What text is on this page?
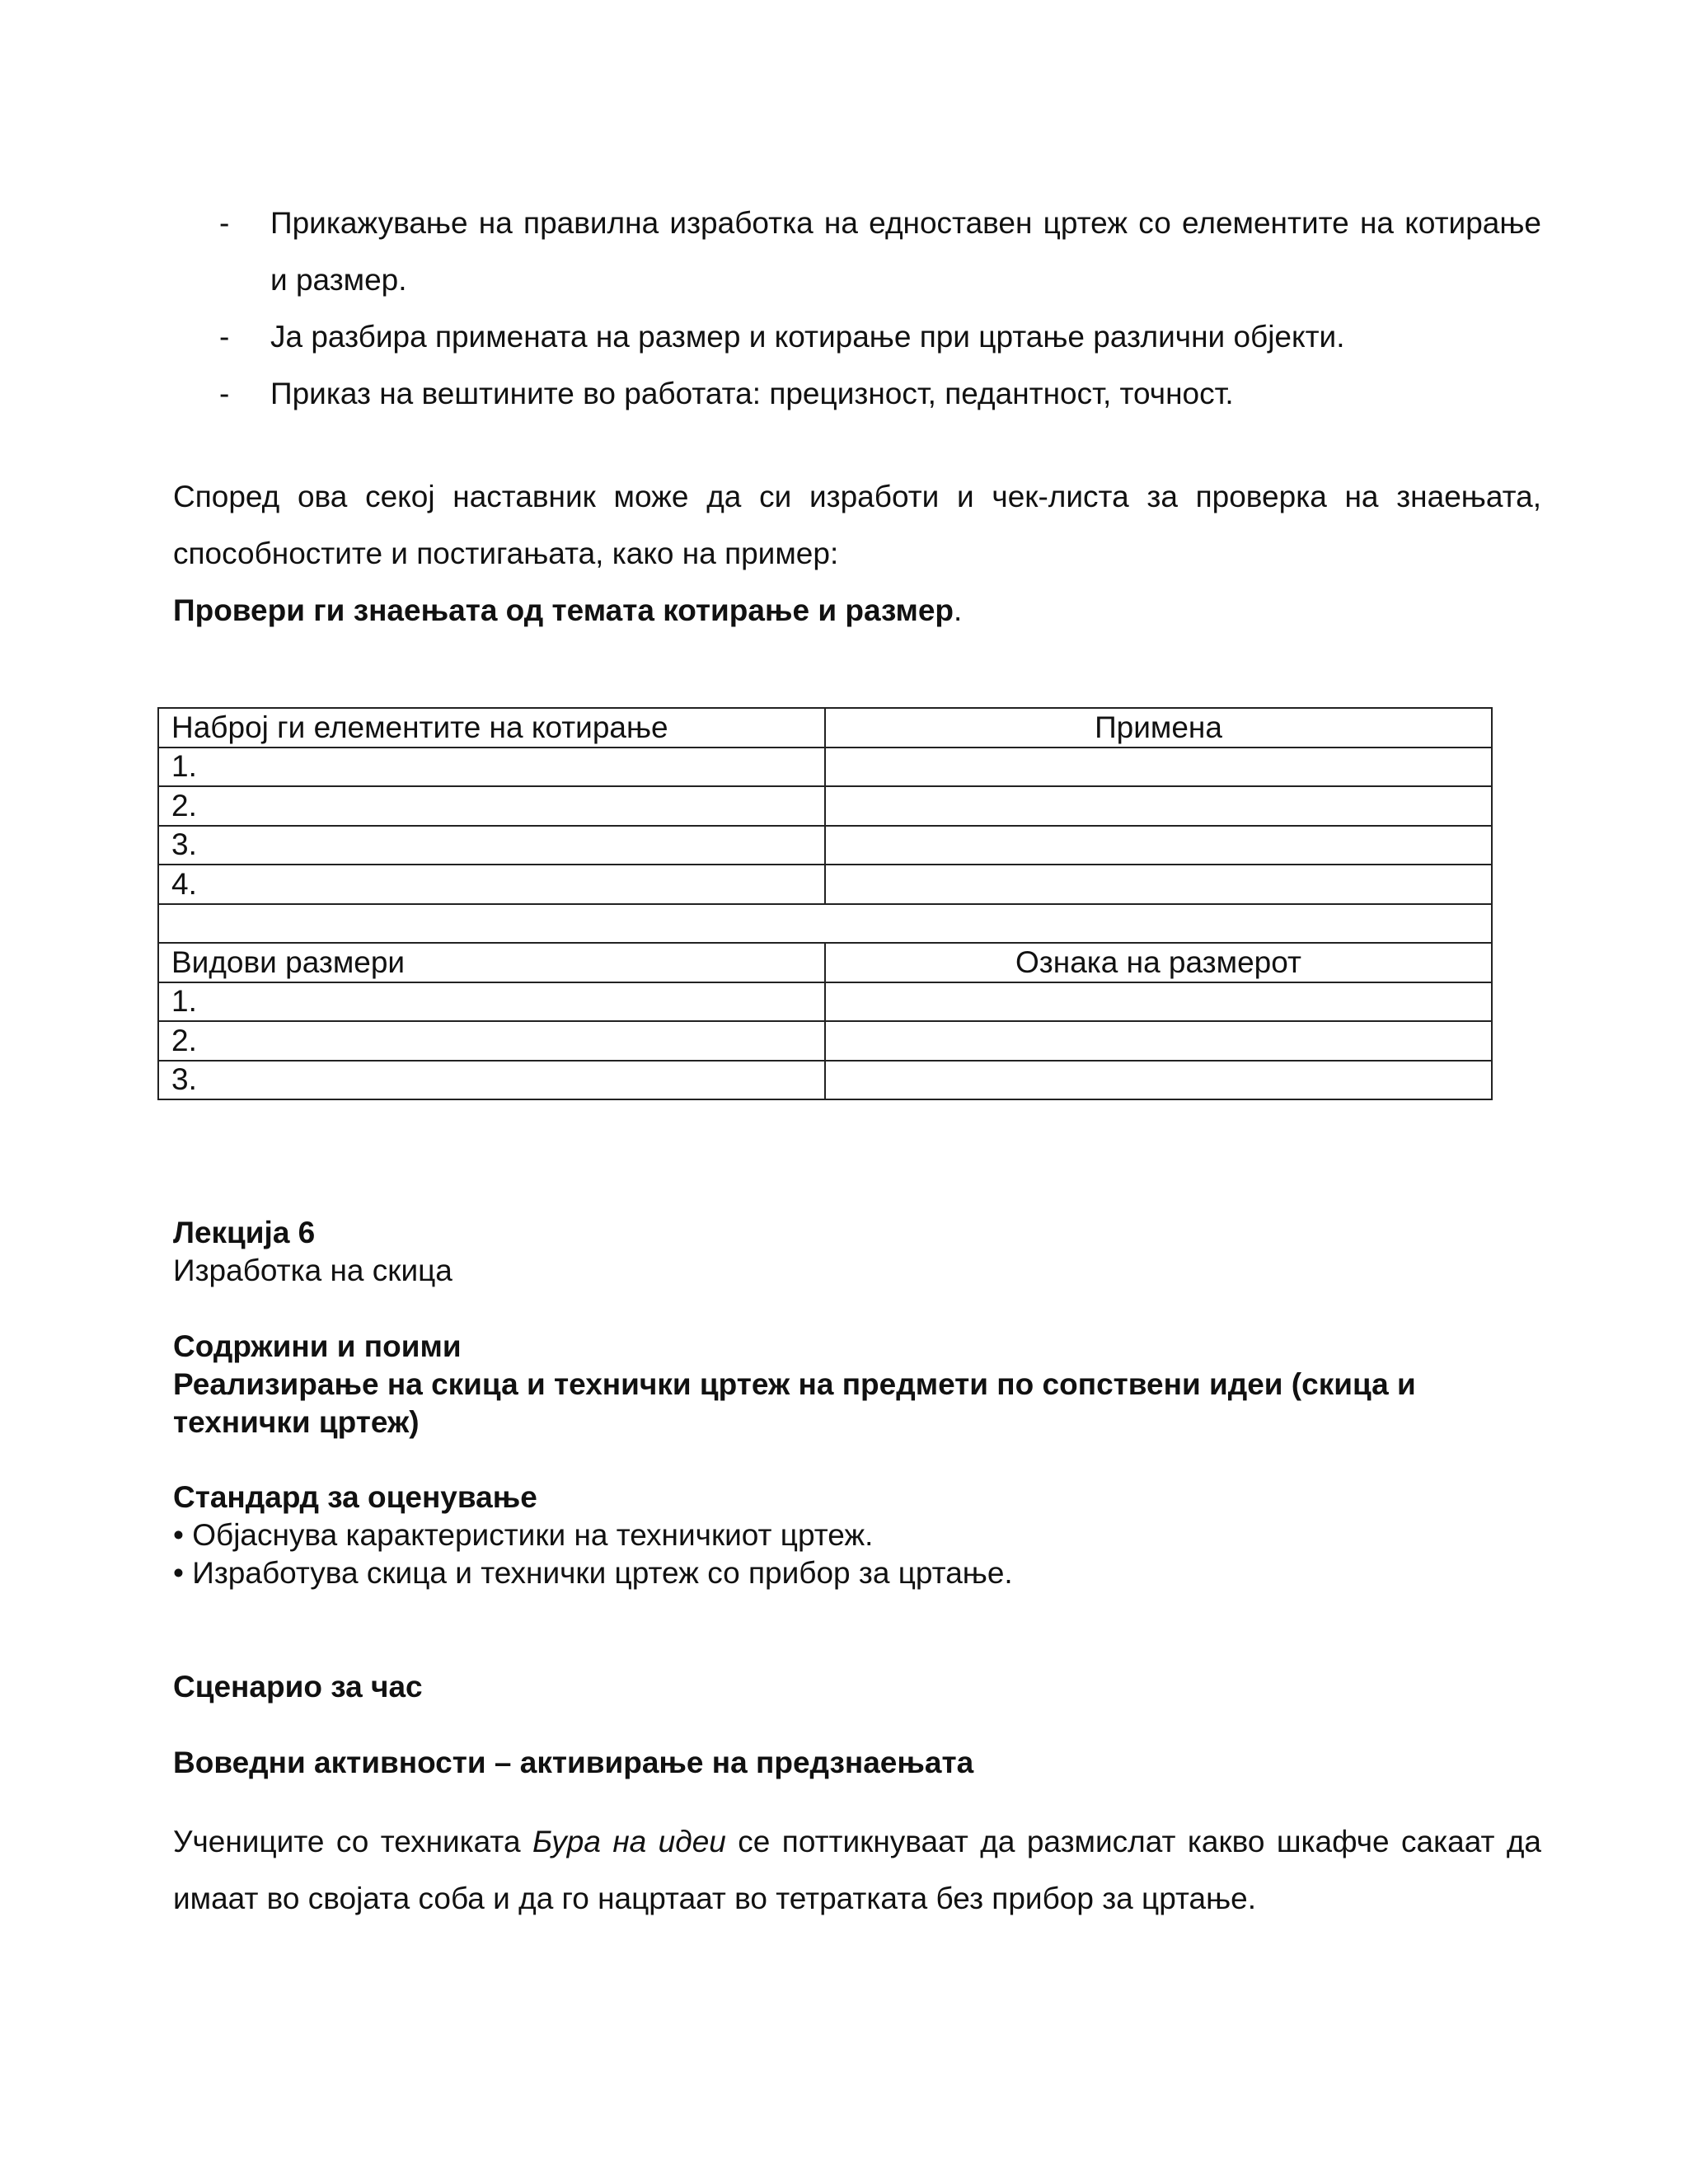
-	Прикажување на правилна изработка на едноставен цртеж со елементите на котирање и размер.
-	Ја разбира примената на размер и котирање при цртање различни објекти.
-	Приказ на вештините во работата: прецизност, педантност, точност.
Според ова секој наставник може да си изработи и чек-листа за проверка на знаењата, способностите и постигањата, како на пример:
Провери ги знаењата од темата котирање и размер.
Наброј ги елементите на котирање	Примена
1.	
2.	
3.	
4.	

Видови размери	Ознака на размерот
1.	
2.	
3.	
Лекција 6
Изработка на скица
Содржини и поими
Реализирање на скица и технички цртеж на предмети по сопствени идеи (скица и технички цртеж)
Стандард за оценување
• Објаснува карактеристики на техничкиот цртеж.
• Изработува скица и технички цртеж со прибор за цртање.
Сценарио за час
Воведни активности – активирање на предзнаењата
Учениците со техниката Бура на идеи се поттикнуваат да размислат какво шкафче сакаат да имаат во својата соба и да го нацртаат во тетратката без прибор за цртање.
